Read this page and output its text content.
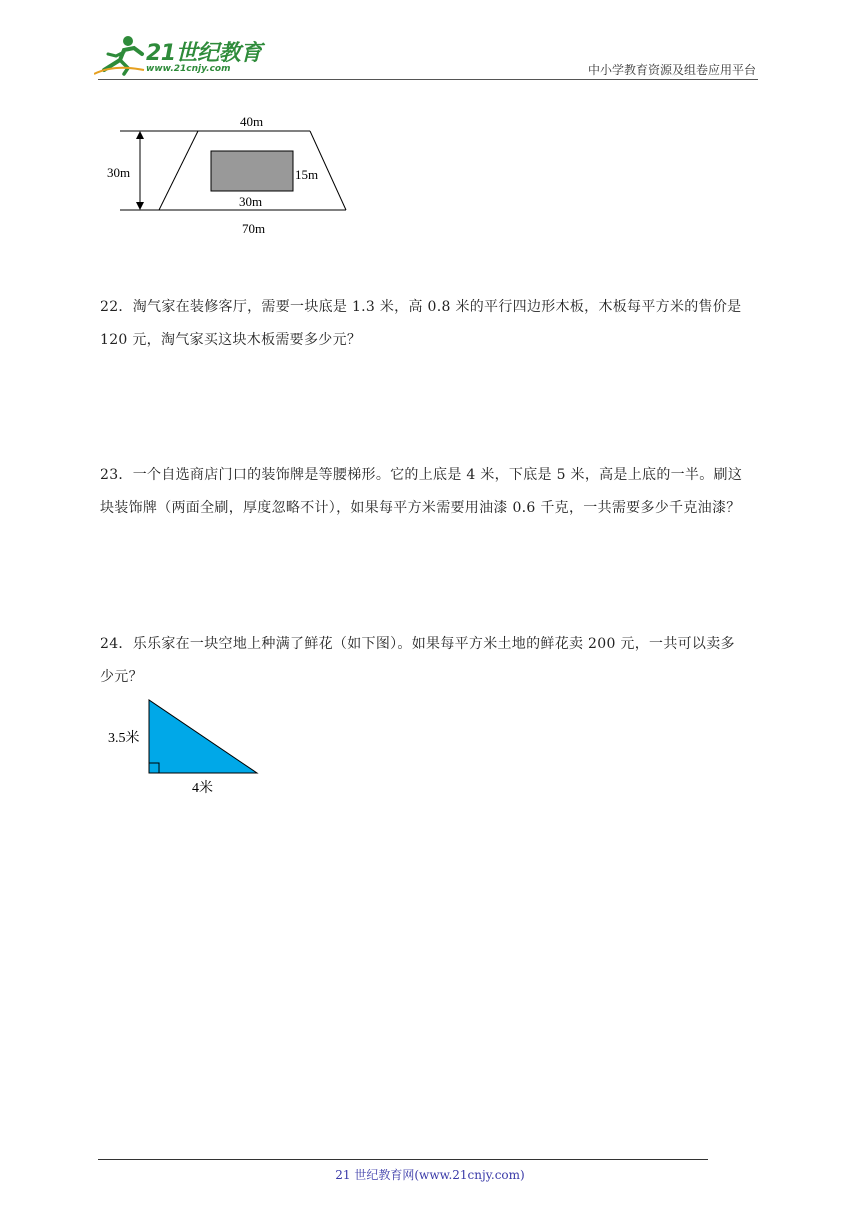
21世纪教育
www.21cnjy.com	中小学教育资源及组卷应用平台
40m
30m	15m
30m
70m
22．淘气家在装修客厅，需要一块底是 1.3 米，高 0.8 米的平行四边形木板，木板每平方米的售价是
120 元，淘气家买这块木板需要多少元？
23．一个自选商店门口的装饰牌是等腰梯形。它的上底是 4 米，下底是 5 米，高是上底的一半。刷这
块装饰牌（两面全刷，厚度忽略不计），如果每平方米需要用油漆 0.6 千克，一共需要多少千克油漆？
24．乐乐家在一块空地上种满了鲜花（如下图）。如果每平方米土地的鲜花卖 200 元，一共可以卖多
少元？
3.5米
4米
21 世纪教育网(www.21cnjy.com)
